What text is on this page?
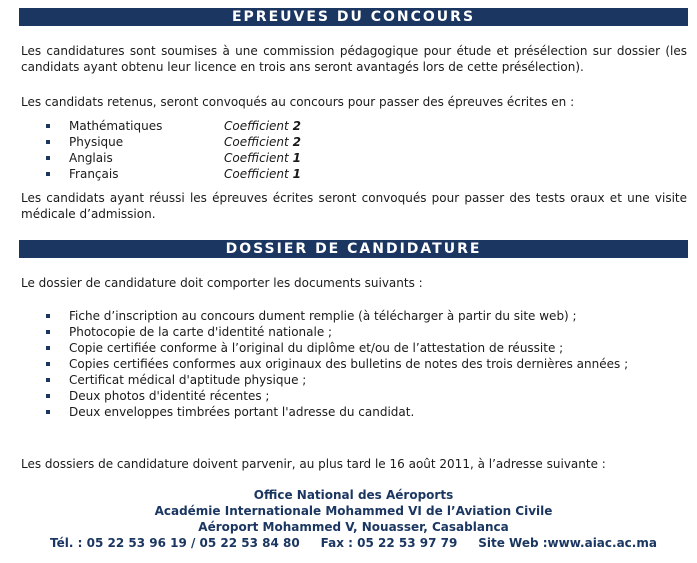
EPREUVES DU CONCOURS

Les candidatures sont soumises à une commission pédagogique pour étude et présélection sur dossier (les candidats ayant obtenu leur licence en trois ans seront avantagés lors de cette présélection).

Les candidats retenus, seront convoqués au concours pour passer des épreuves écrites en :

Mathématiques	Coefficient 2
Physique	Coefficient 2
Anglais	Coefficient 1
Français	Coefficient 1

Les candidats ayant réussi les épreuves écrites seront convoqués pour passer des tests oraux et une visite médicale d’admission.

DOSSIER DE CANDIDATURE

Le dossier de candidature doit comporter les documents suivants :

Fiche d’inscription au concours dument remplie (à télécharger à partir du site web) ;
Photocopie de la carte d'identité nationale ;
Copie certifiée conforme à l’original du diplôme et/ou de l’attestation de réussite ;
Copies certifiées conformes aux originaux des bulletins de notes des trois dernières années ;
Certificat médical d'aptitude physique ;
Deux photos d'identité récentes ;
Deux enveloppes timbrées portant l'adresse du candidat.

Les dossiers de candidature doivent parvenir, au plus tard le 16 août 2011, à l’adresse suivante :

Office National des Aéroports
Académie Internationale Mohammed VI de l’Aviation Civile
Aéroport Mohammed V, Nouasser, Casablanca
Tél. : 05 22 53 96 19 / 05 22 53 84 80     Fax : 05 22 53 97 79     Site Web :www.aiac.ac.ma
